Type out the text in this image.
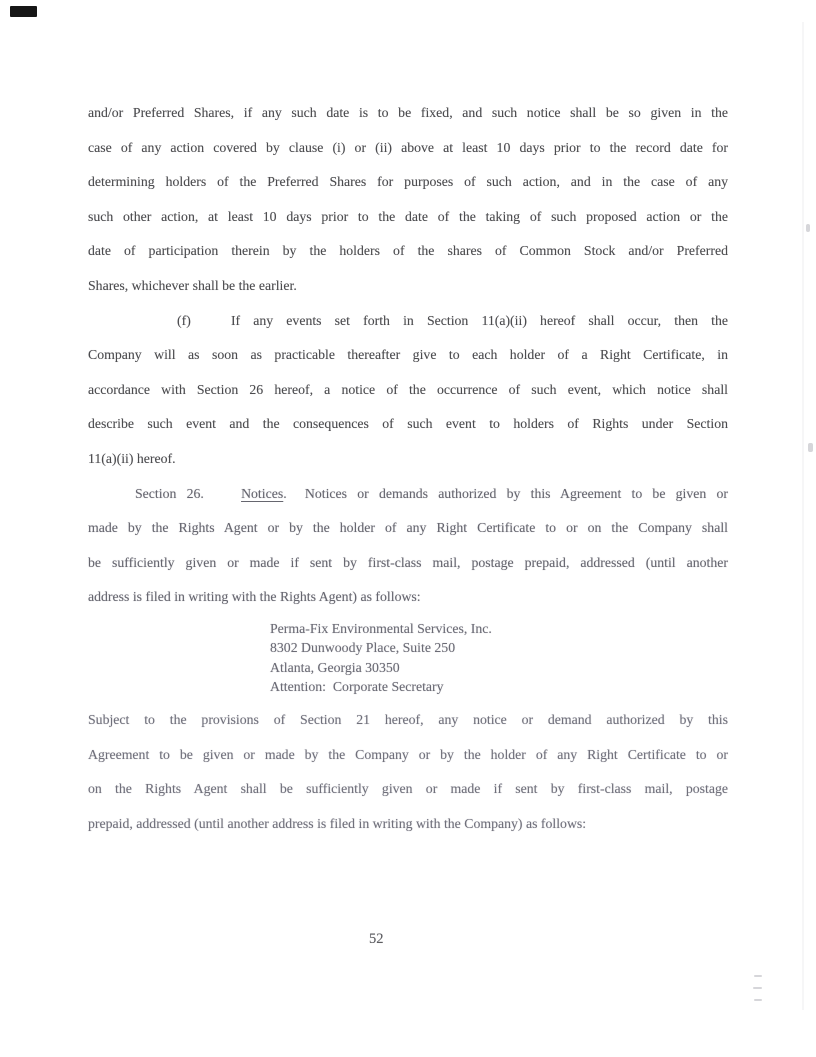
and/or Preferred Shares, if any such date is to be fixed, and such notice shall be so given in the
case of any action covered by clause (i) or (ii) above at least 10 days prior to the record date for
determining holders of the Preferred Shares for purposes of such action, and in the case of any
such other action, at least 10 days prior to the date of the taking of such proposed action or the
date of participation therein by the holders of the shares of Common Stock and/or Preferred
Shares, whichever shall be the earlier.
(f)	If any events set forth in Section 11(a)(ii) hereof shall occur, then the
Company will as soon as practicable thereafter give to each holder of a Right Certificate, in
accordance with Section 26 hereof, a notice of the occurrence of such event, which notice shall
describe such event and the consequences of such event to holders of Rights under Section
11(a)(ii) hereof.
Section 26.	Notices. Notices or demands authorized by this Agreement to be given or
made by the Rights Agent or by the holder of any Right Certificate to or on the Company shall
be sufficiently given or made if sent by first-class mail, postage prepaid, addressed (until another
address is filed in writing with the Rights Agent) as follows:
Perma-Fix Environmental Services, Inc.
8302 Dunwoody Place, Suite 250
Atlanta, Georgia 30350
Attention:  Corporate Secretary
Subject to the provisions of Section 21 hereof, any notice or demand authorized by this
Agreement to be given or made by the Company or by the holder of any Right Certificate to or
on the Rights Agent shall be sufficiently given or made if sent by first-class mail, postage
prepaid, addressed (until another address is filed in writing with the Company) as follows:
52
